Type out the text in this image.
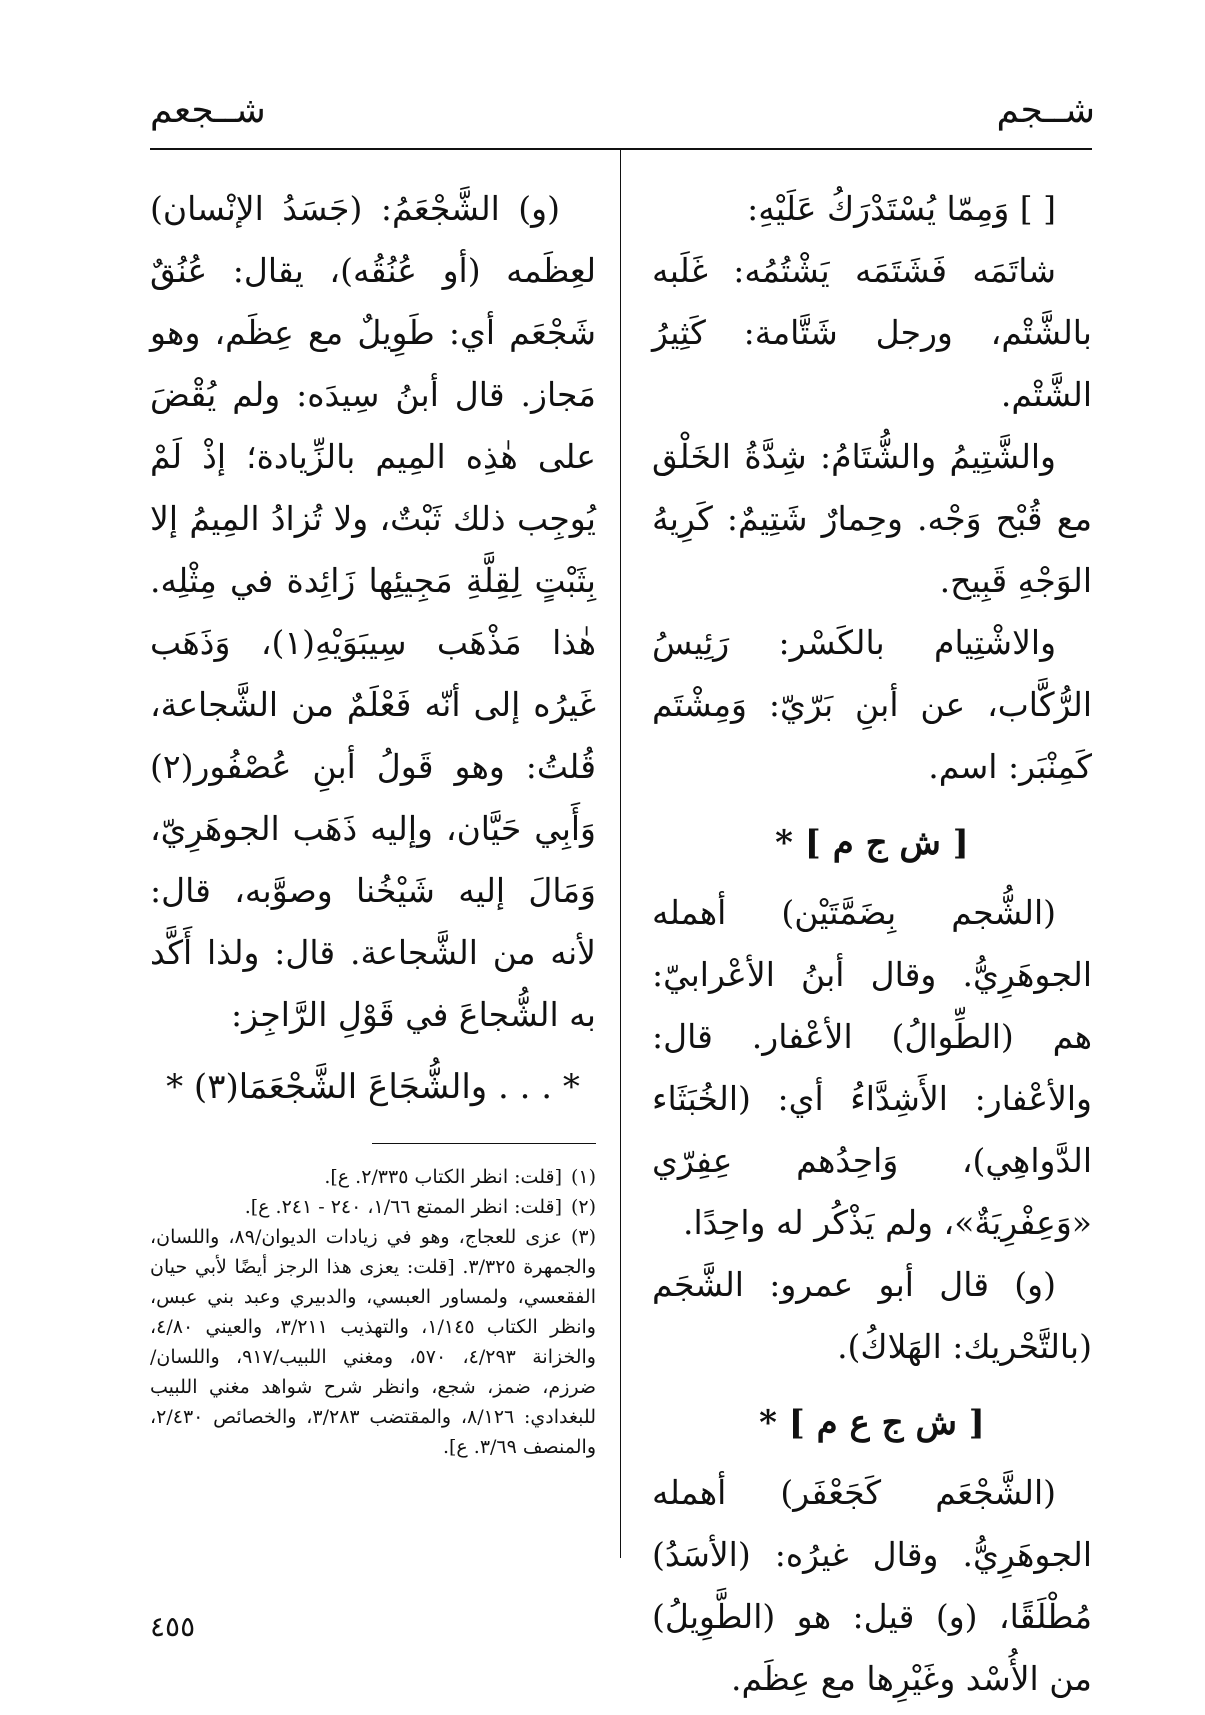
شــجم
شــجعم

[ ] وَمِمّا يُسْتَدْرَكُ عَلَيْهِ:

شاتَمَه فَشَتَمَه يَشْتُمُه: غَلَبه بالشَّتْم، ورجل شَتَّامة: كَثِيرُ الشَّتْم.

والشَّتِيمُ والشُّتَامُ: شِدَّةُ الخَلْق مع قُبْح وَجْه. وحِمارٌ شَتِيمٌ: كَرِيهُ الوَجْهِ قَبِيح.

والاشْتِيام بالكَسْر: رَئِيسُ الرُّكَّاب، عن أبنِ بَرّيّ: وَمِشْتَم كَمِنْبَر: اسم.

[ ش ج م ] *

(الشُّجم بِضَمَّتَيْن) أهمله الجوهَرِيُّ. وقال أبنُ الأعْرابيّ: هم (الطِّوالُ) الأعْفار. قال: والأعْفار: الأَشِدَّاءُ أي: (الخُبَثَاء الدَّواهِي)، وَاحِدُهم عِفِرّي «وَعِفْرِيَةٌ»، ولم يَذْكُر له واحِدًا.

(و) قال أبو عمرو: الشَّجَم (بالتَّحْريك: الهَلاكُ).

[ ش ج ع م ] *

(الشَّجْعَم كَجَعْفَر) أهمله الجوهَرِيُّ. وقال غيرُه: (الأسَدُ) مُطْلَقًا، (و) قيل: هو (الطَّوِيلُ) من الأُسْد وغَيْرِها مع عِظَم.

(و) الشَّجْعَمُ: (جَسَدُ الإنْسان) لعِظَمه (أو عُنُقُه)، يقال: عُنُقٌ شَجْعَم أي: طَوِيلٌ مع عِظَم، وهو مَجاز. قال أبنُ سِيدَه: ولم يُقْضَ على هٰذِه المِيم بالزِّيادة؛ إذْ لَمْ يُوجِب ذلك ثَبْتٌ، ولا تُزادُ المِيمُ إلا بِثَبْتٍ لِقِلَّةِ مَجِيئِها زَائِدة في مِثْلِه. هٰذا مَذْهَب سِيبَوَيْهِ(١)، وَذَهَب غَيرُه إلى أنّه فَعْلَمٌ من الشَّجاعة، قُلتُ: وهو قَولُ أبنِ عُصْفُور(٢) وَأَبِي حَيَّان، وإليه ذَهَب الجوهَرِيّ، وَمَالَ إليه شَيْخُنا وصوَّبه، قال: لأنه من الشَّجاعة. قال: ولذا أَكَّد به الشُّجاعَ في قَوْلِ الرَّاجِز:

* . . . والشُّجَاعَ الشَّجْعَمَا(٣) *

(١)[قلت: انظر الكتاب ٢/٣٣٥. ع].

(٢)[قلت: انظر الممتع ١/٦٦، ٢٤٠ - ٢٤١. ع].

(٣)عزى للعجاج، وهو في زيادات الديوان/٨٩، واللسان، والجمهرة ٣/٣٢٥. [قلت: يعزى هذا الرجز أيضًا لأبي حيان الفقعسي، ولمساور العبسي، والدبيري وعبد بني عبس، وانظر الكتاب ١/١٤٥، والتهذيب ٣/٢١١، والعيني ٤/٨٠، والخزانة ٤/٢٩٣، ٥٧٠، ومغني اللبيب/٩١٧، واللسان/ ضرزم، ضمز، شجع، وانظر شرح شواهد مغني اللبيب للبغدادي: ٨/١٢٦، والمقتضب ٣/٢٨٣، والخصائص ٢/٤٣٠، والمنصف ٣/٦٩. ع].

٤٥٥
